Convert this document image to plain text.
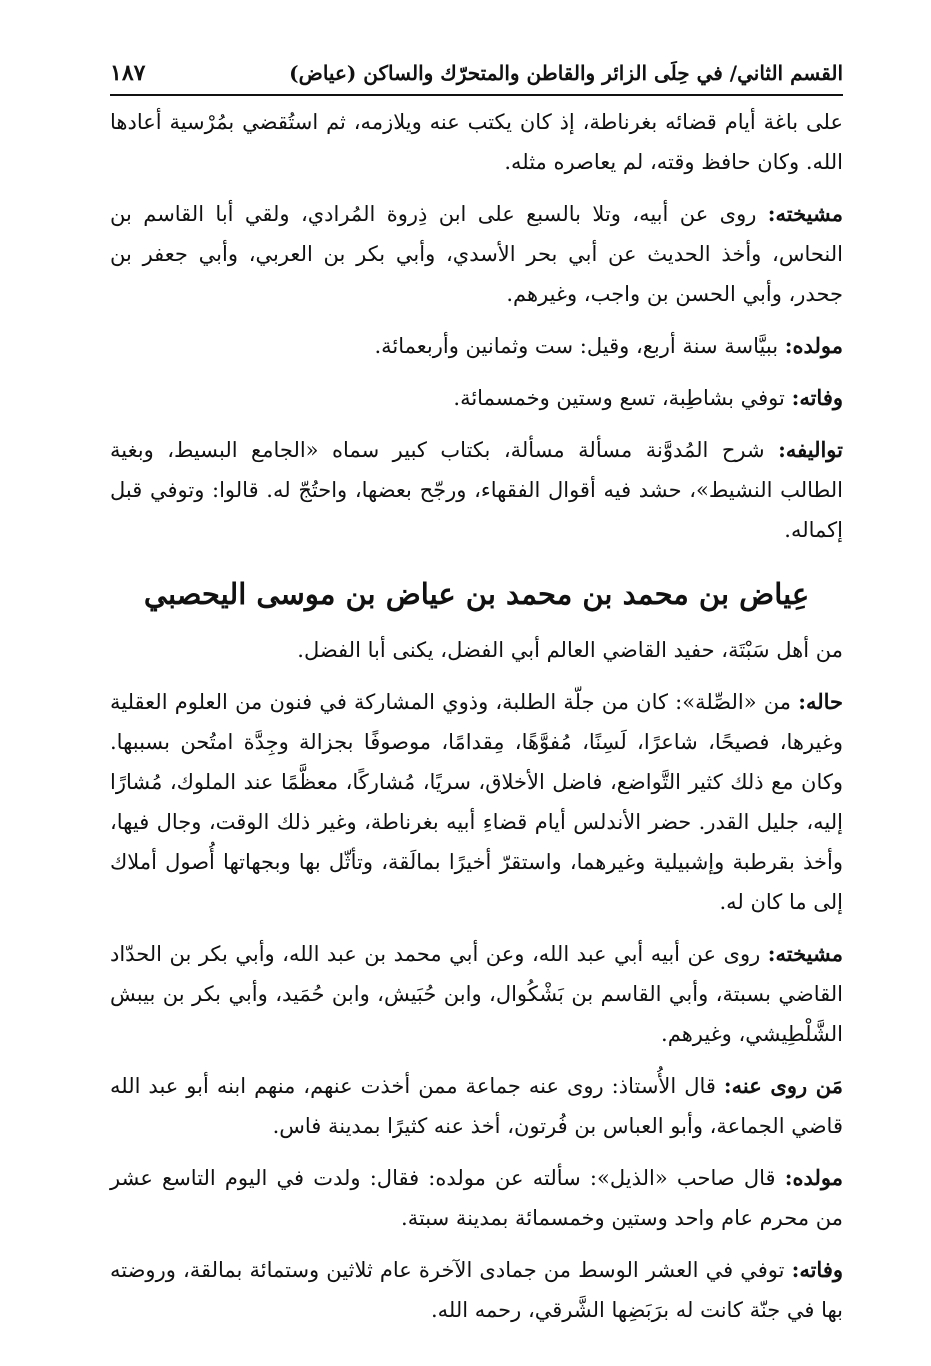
القسم الثاني/ في حِلَى الزائر والقاطن والمتحرّك والساكن (عياض)
١٨٧

على باغة أيام قضائه بغرناطة، إذ كان يكتب عنه ويلازمه، ثم استُقضي بمُرْسية أعادها الله. وكان حافظ وقته، لم يعاصره مثله.

مشيخته: روى عن أبيه، وتلا بالسبع على ابن ذِروة المُرادي، ولقي أبا القاسم بن النحاس، وأخذ الحديث عن أبي بحر الأسدي، وأبي بكر بن العربي، وأبي جعفر بن جحدر، وأبي الحسن بن واجب، وغيرهم.

مولده: ببيَّاسة سنة أربع، وقيل: ست وثمانين وأربعمائة.

وفاته: توفي بشاطِبة، تسع وستين وخمسمائة.

تواليفه: شرح المُدوَّنة مسألة مسألة، بكتاب كبير سماه «الجامع البسيط، وبغية الطالب النشيط»، حشد فيه أقوال الفقهاء، ورجّح بعضها، واحتُجّ له. قالوا: وتوفي قبل إكماله.

عِياض بن محمد بن محمد بن عياض بن موسى اليحصبي

من أهل سَبْتَة، حفيد القاضي العالم أبي الفضل، يكنى أبا الفضل.

حاله: من «الصِّلة»: كان من جلّة الطلبة، وذوي المشاركة في فنون من العلوم العقلية وغيرها، فصيحًا، شاعرًا، لَسِنًا، مُفوَّهًا، مِقدامًا، موصوفًا بجزالة وجِدَّة امتُحن بسببها. وكان مع ذلك كثير التَّواضع، فاضل الأخلاق، سريًا، مُشاركًا، معظَّمًا عند الملوك، مُشارًا إليه، جليل القدر. حضر الأندلس أيام قضاءِ أبيه بغرناطة، وغير ذلك الوقت، وجال فيها، وأخذ بقرطبة وإشبيلية وغيرهما، واستقرّ أخيرًا بمالَقة، وتأثّل بها وبجهاتها أُصول أملاك إلى ما كان له.

مشيخته: روى عن أبيه أبي عبد الله، وعن أبي محمد بن عبد الله، وأبي بكر بن الحدّاد القاضي بسبتة، وأبي القاسم بن بَشْكُوال، وابن حُبَيش، وابن حُمَيد، وأبي بكر بن بيبش الشَّلْطِيشي، وغيرهم.

مَن روى عنه: قال الأُستاذ: روى عنه جماعة ممن أخذت عنهم، منهم ابنه أبو عبد الله قاضي الجماعة، وأبو العباس بن فُرتون، أخذ عنه كثيرًا بمدينة فاس.

مولده: قال صاحب «الذيل»: سألته عن مولده: فقال: ولدت في اليوم التاسع عشر من محرم عام واحد وستين وخمسمائة بمدينة سبتة.

وفاته: توفي في العشر الوسط من جمادى الآخرة عام ثلاثين وستمائة بمالقة، وروضته بها في جنّة كانت له برَبَضِها الشَّرقي، رحمه الله.
